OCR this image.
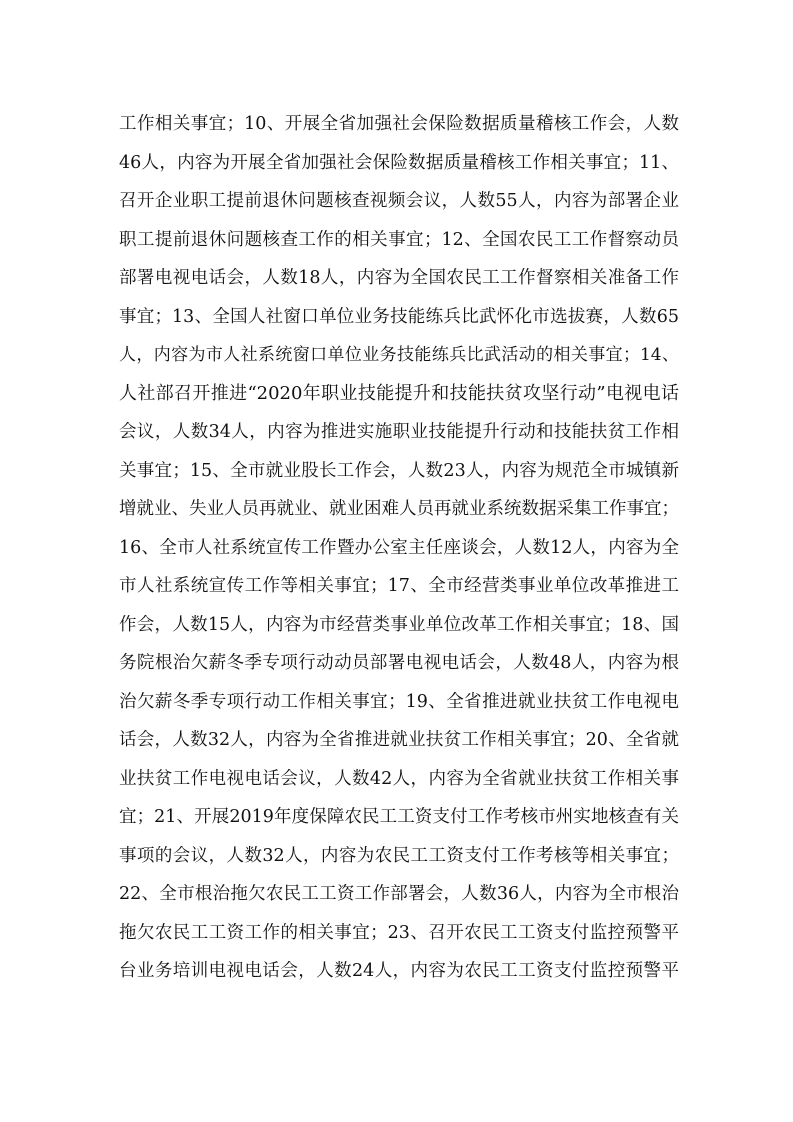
工作相关事宜；10、开展全省加强社会保险数据质量稽核工作会，人数
46人，内容为开展全省加强社会保险数据质量稽核工作相关事宜；11、
召开企业职工提前退休问题核查视频会议，人数55人，内容为部署企业
职工提前退休问题核查工作的相关事宜；12、全国农民工工作督察动员
部署电视电话会，人数18人，内容为全国农民工工作督察相关准备工作
事宜；13、全国人社窗口单位业务技能练兵比武怀化市选拔赛，人数65
人，内容为市人社系统窗口单位业务技能练兵比武活动的相关事宜；14、
人社部召开推进“2020年职业技能提升和技能扶贫攻坚行动”电视电话
会议，人数34人，内容为推进实施职业技能提升行动和技能扶贫工作相
关事宜；15、全市就业股长工作会，人数23人，内容为规范全市城镇新
增就业、失业人员再就业、就业困难人员再就业系统数据采集工作事宜；
16、全市人社系统宣传工作暨办公室主任座谈会，人数12人，内容为全
市人社系统宣传工作等相关事宜；17、全市经营类事业单位改革推进工
作会，人数15人，内容为市经营类事业单位改革工作相关事宜；18、国
务院根治欠薪冬季专项行动动员部署电视电话会，人数48人，内容为根
治欠薪冬季专项行动工作相关事宜；19、全省推进就业扶贫工作电视电
话会，人数32人，内容为全省推进就业扶贫工作相关事宜；20、全省就
业扶贫工作电视电话会议，人数42人，内容为全省就业扶贫工作相关事
宜；21、开展2019年度保障农民工工资支付工作考核市州实地核查有关
事项的会议，人数32人，内容为农民工工资支付工作考核等相关事宜；
22、全市根治拖欠农民工工资工作部署会，人数36人，内容为全市根治
拖欠农民工工资工作的相关事宜；23、召开农民工工资支付监控预警平
台业务培训电视电话会，人数24人，内容为农民工工资支付监控预警平
